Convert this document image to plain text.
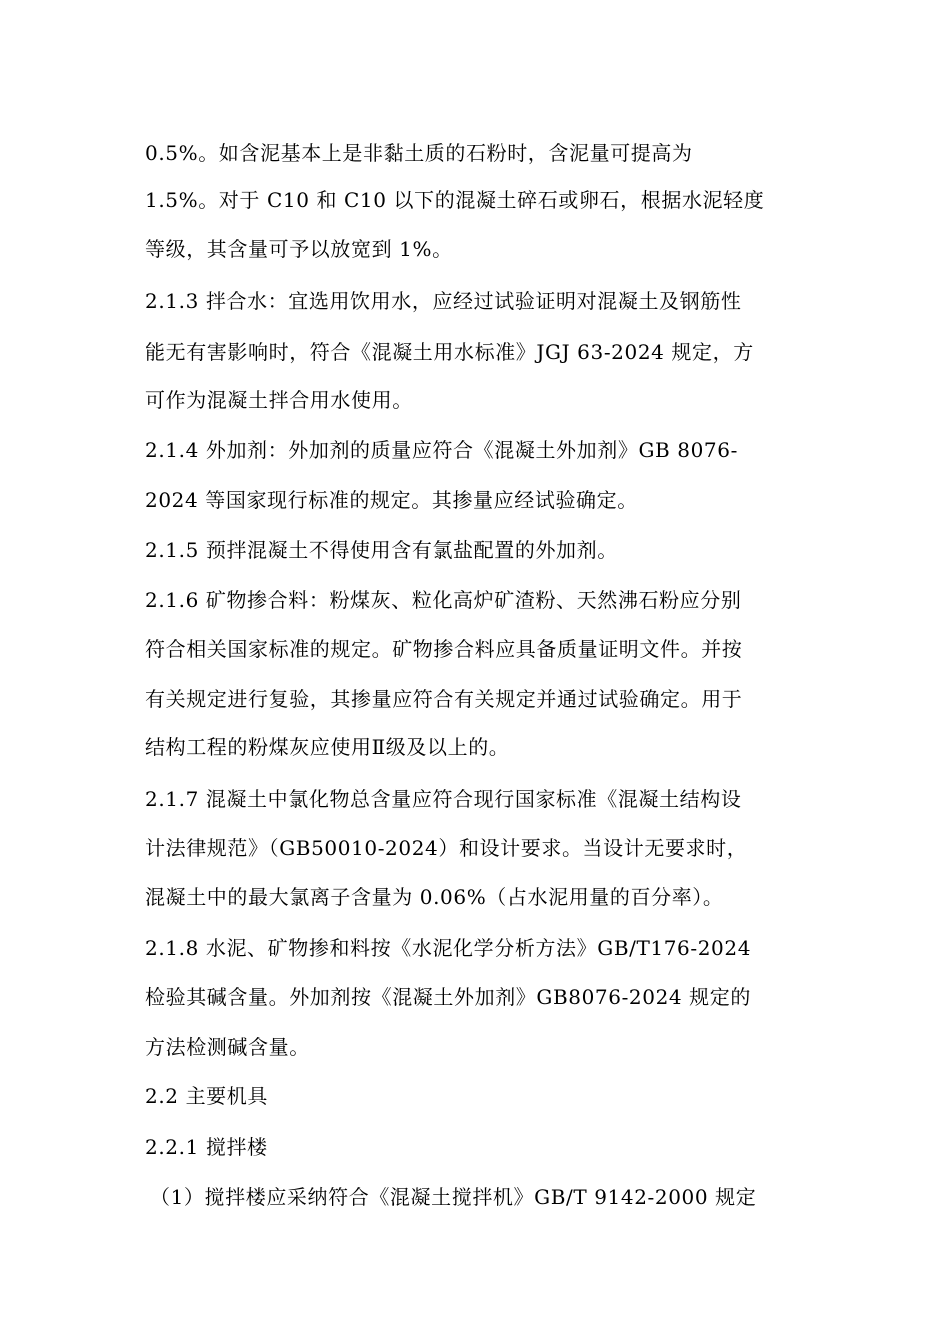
0.5%。如含泥基本上是非黏土质的石粉时，含泥量可提高为
1.5%。对于 C10 和 C10 以下的混凝土碎石或卵石，根据水泥轻度
等级，其含量可予以放宽到 1%。
2.1.3 拌合水：宜选用饮用水，应经过试验证明对混凝土及钢筋性
能无有害影响时，符合《混凝土用水标准》JGJ 63-2024 规定，方
可作为混凝土拌合用水使用。
2.1.4 外加剂：外加剂的质量应符合《混凝土外加剂》GB 8076-
2024 等国家现行标准的规定。其掺量应经试验确定。
2.1.5 预拌混凝土不得使用含有氯盐配置的外加剂。
2.1.6 矿物掺合料：粉煤灰、粒化高炉矿渣粉、天然沸石粉应分别
符合相关国家标准的规定。矿物掺合料应具备质量证明文件。并按
有关规定进行复验，其掺量应符合有关规定并通过试验确定。用于
结构工程的粉煤灰应使用Ⅱ级及以上的。
2.1.7 混凝土中氯化物总含量应符合现行国家标准《混凝土结构设
计法律规范》（GB50010-2024）和设计要求。当设计无要求时，
混凝土中的最大氯离子含量为 0.06%（占水泥用量的百分率）。
2.1.8 水泥、矿物掺和料按《水泥化学分析方法》GB/T176-2024
检验其碱含量。外加剂按《混凝土外加剂》GB8076-2024 规定的
方法检测碱含量。
2.2 主要机具
2.2.1 搅拌楼
（1）搅拌楼应采纳符合《混凝土搅拌机》GB/T 9142-2000 规定
